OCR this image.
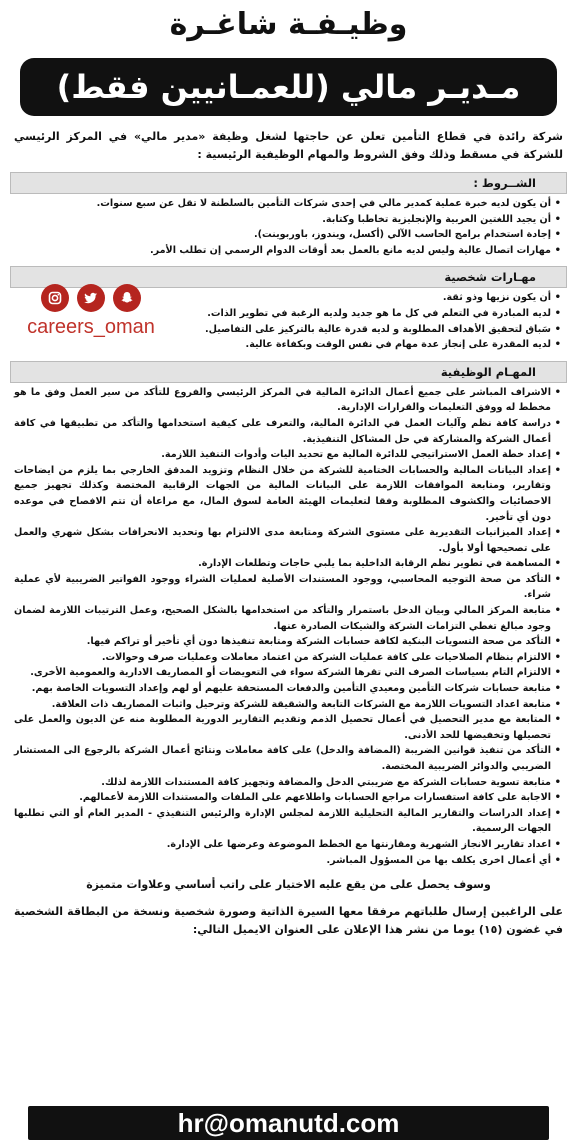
وظيـفـة شاغـرة
مـديـر مالي (للعمـانيين فقط)

شركة رائدة في قطاع التأمين تعلن عن حاجتها لشغل وظيفة «مدير مالي» في المركز الرئيسي للشركة في مسقط وذلك وفق الشروط والمهام الوظيفية الرئيسية :

الشــروط :
• أن يكون لديه خبرة عملية كمدير مالي في إحدى شركات التأمين بالسلطنة لا تقل عن سبع سنوات.
• أن يجيد اللغتين العربية والإنجليزية تخاطبا وكتابة.
• إجادة استخدام برامج الحاسب الآلي (أكسل، ويندوز، باوربوينت).
• مهارات اتصال عالية وليس لديه مانع بالعمل بعد أوقات الدوام الرسمي إن تطلب الأمر.
مهـارات شخصية
• أن يكون نزيها وذو ثقة.
• لديه المبادرة في التعلم في كل ما هو جديد ولديه الرغبة في تطوير الذات.
• سَباق لتحقيق الأهداف المطلوبة و لديه قدرة عالية بالتركيز على التفاصيل.
• لديه المقدرة على إنجاز عدة مهام في نفس الوقت وبكفاءة عالية.
careers_oman
المهـام الوظيفية
• الاشراف المباشر على جميع أعمال الدائرة المالية في المركز الرئيسي والفروع للتأكد من سير العمل وفق ما هو مخطط له ووفق التعليمات والقرارات الإدارية.
• دراسة كافة نظم وآليات العمل في الدائرة المالية، والتعرف على كيفية استخدامها والتأكد من تطبيقها في كافة أعمال الشركة والمشاركة في حل المشاكل التنفيذية.
• إعداد خطة العمل الاستراتيجي للدائرة المالية مع تحديد اليات وأدوات التنفيذ اللازمة.
• إعداد البيانات المالية والحسابات الختامية للشركة من خلال النظام وتزويد المدقق الخارجي بما يلزم من ايضاحات وتقارير، ومتابعة الموافقات اللازمة على البيانات المالية من الجهات الرقابية المختصة وكذلك تجهيز جميع الاحصائيات والكشوف المطلوبة وفقا لتعليمات الهيئة العامة لسوق المال، مع مراعاة أن تتم الافصاح في موعده دون أي تأخير.
• إعداد الميزانيات التقديرية على مستوى الشركة ومتابعة مدى الالتزام بها وتحديد الانحرافات بشكل شهري والعمل على تصحيحها أولا بأول.
• المساهمة في تطوير نظم الرقابة الداخلية بما يلبي حاجات وتطلعات الإدارة.
• التأكد من صحة التوجيه المحاسبي، ووجود المستندات الأصلية لعمليات الشراء ووجود الفواتير الضريبية لأي عملية شراء.
• متابعة المركز المالي وبيان الدخل باستمرار والتأكد من استخدامها بالشكل الصحيح، وعمل الترتيبات اللازمة لضمان وجود مبالغ تغطي التزامات الشركة والشيكات الصادرة عنها.
• التأكد من صحة التسويات البنكية لكافة حسابات الشركة ومتابعة تنفيذها دون أي تأخير أو تراكم فيها.
• الالتزام بنظام الصلاحيات على كافة عمليات الشركة من اعتماد معاملات وعمليات صرف وحوالات.
• الالتزام التام بسياسات الصرف التي تقرها الشركة سواء في التعويضات أو المصاريف الادارية والعمومية الأخرى.
• متابعة حسابات شركات التأمين ومعيدي التأمين والدفعات المستحقة عليهم أو لهم وإعداد التسويات الخاصة بهم.
• متابعة اعداد التسويات اللازمة مع الشركات التابعة والشقيقة للشركة وترحيل واثبات المصاريف ذات العلاقة.
• المتابعة مع مدير التحصيل في أعمال تحصيل الذمم وتقديم التقارير الدورية المطلوبة منه عن الديون والعمل على تحصيلها وتخفيضها للحد الأدنى.
• التأكد من تنفيذ قوانين الضريبة (المضافة والدخل) على كافة معاملات ونتائج أعمال الشركة بالرجوع الى المستشار الضريبي والدوائر الضريبية المختصة.
• متابعة تسوية حسابات الشركة مع ضريبتي الدخل والمضافة وتجهيز كافة المستندات اللازمة لذلك.
• الاجابة على كافة استفسارات مراجع الحسابات واطلاعهم على الملفات والمستندات اللازمة لأعمالهم.
• إعداد الدراسات والتقارير المالية التحليلية اللازمة لمجلس الإدارة والرئيس التنفيذي - المدير العام أو التي تطلبها الجهات الرسمية.
• اعداد تقارير الانجاز الشهرية ومقارنتها مع الخطط الموضوعة وعرضها على الإدارة.
• أي أعمال اخرى يكلف بها من المسؤول المباشر.

وسوف يحصل على من يقع عليه الاختيار على راتب أساسي وعلاوات متميزة

على الراغبين إرسال طلباتهم مرفقا معها السيرة الذاتية وصورة شخصية ونسخة من البطاقة الشخصية في غضون (١٥) يوما من نشر هذا الإعلان على العنوان الايميل التالي:

hr@omanutd.com
